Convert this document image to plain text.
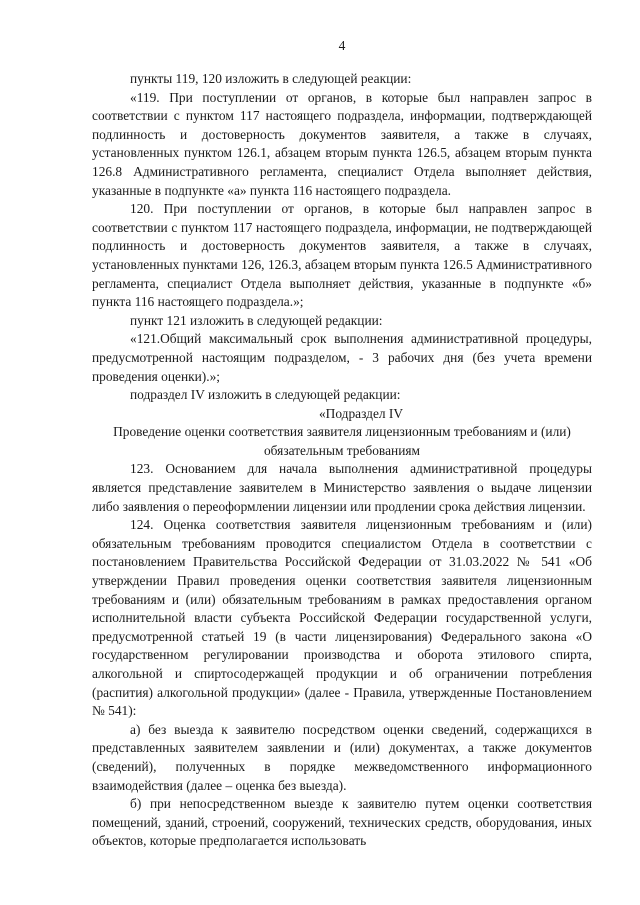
4

пункты 119, 120 изложить в следующей реакции:

«119. При поступлении от органов, в которые был направлен запрос в соответствии с пунктом 117 настоящего подраздела, информации, подтверждающей подлинность и достоверность документов заявителя, а также в случаях, установленных пунктом 126.1, абзацем вторым пункта 126.5, абзацем вторым пункта 126.8 Административного регламента, специалист Отдела выполняет действия, указанные в подпункте «а» пункта 116 настоящего подраздела.

120. При поступлении от органов, в которые был направлен запрос в соответствии с пунктом 117 настоящего подраздела, информации, не подтверждающей подлинность и достоверность документов заявителя, а также в случаях, установленных пунктами 126, 126.3, абзацем вторым пункта 126.5 Административного регламента, специалист Отдела выполняет действия, указанные в подпункте «б» пункта 116 настоящего подраздела.»;

пункт 121 изложить в следующей редакции:

«121.Общий максимальный срок выполнения административной процедуры, предусмотренной настоящим подразделом, - 3 рабочих дня (без учета времени проведения оценки).»;

подраздел IV изложить в следующей редакции:

«Подраздел IV

Проведение оценки соответствия заявителя лицензионным требованиям и (или) обязательным требованиям

123. Основанием для начала выполнения административной процедуры является представление заявителем в Министерство заявления о выдаче лицензии либо заявления о переоформлении лицензии или продлении срока действия лицензии.

124. Оценка соответствия заявителя лицензионным требованиям и (или) обязательным требованиям проводится специалистом Отдела в соответствии с постановлением Правительства Российской Федерации от 31.03.2022 № 541 «Об утверждении Правил проведения оценки соответствия заявителя лицензионным требованиям и (или) обязательным требованиям в рамках предоставления органом исполнительной власти субъекта Российской Федерации государственной услуги, предусмотренной статьей 19 (в части лицензирования) Федерального закона «О государственном регулировании производства и оборота этилового спирта, алкогольной и спиртосодержащей продукции и об ограничении потребления (распития) алкогольной продукции» (далее - Правила, утвержденные Постановлением № 541):

а) без выезда к заявителю посредством оценки сведений, содержащихся в представленных заявителем заявлении и (или) документах, а также документов (сведений), полученных в порядке межведомственного информационного взаимодействия (далее – оценка без выезда).

б) при непосредственном выезде к заявителю путем оценки соответствия помещений, зданий, строений, сооружений, технических средств, оборудования, иных объектов, которые предполагается использовать
